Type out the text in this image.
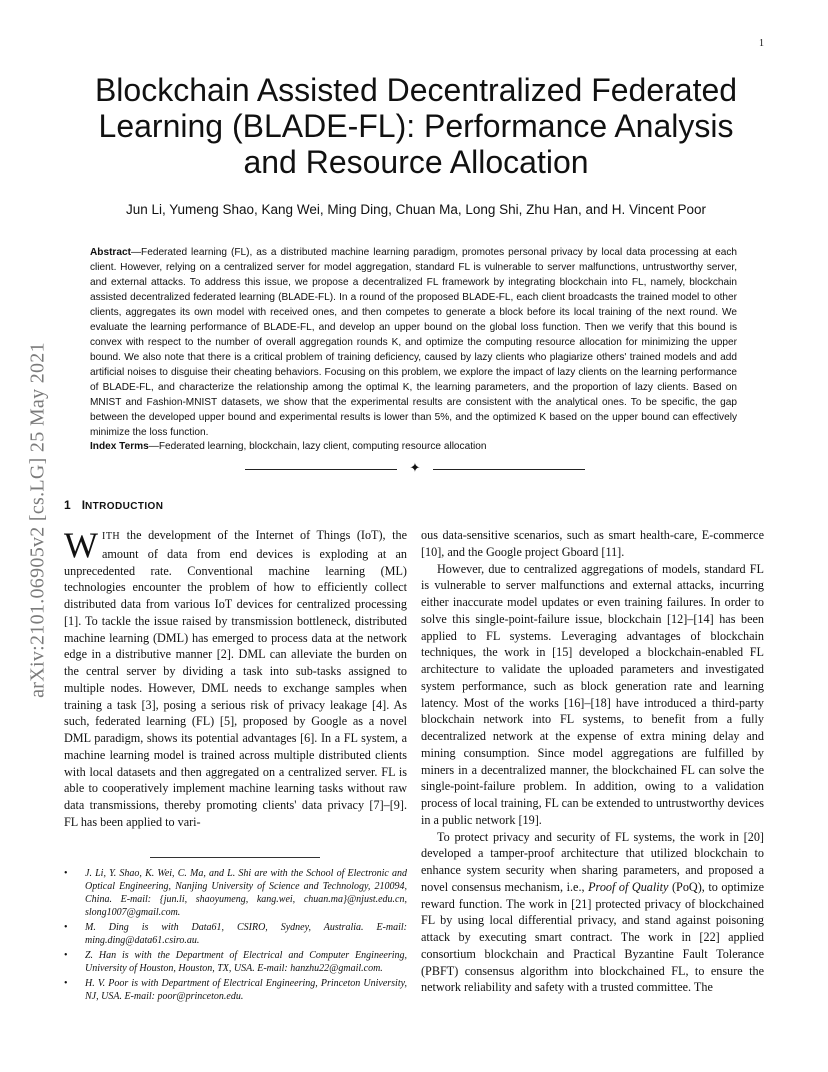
1
arXiv:2101.06905v2 [cs.LG] 25 May 2021
Blockchain Assisted Decentralized Federated Learning (BLADE-FL): Performance Analysis and Resource Allocation
Jun Li, Yumeng Shao, Kang Wei, Ming Ding, Chuan Ma, Long Shi, Zhu Han, and H. Vincent Poor

Abstract—Federated learning (FL), as a distributed machine learning paradigm, promotes personal privacy by local data processing at each client. However, relying on a centralized server for model aggregation, standard FL is vulnerable to server malfunctions, untrustworthy server, and external attacks. To address this issue, we propose a decentralized FL framework by integrating blockchain into FL, namely, blockchain assisted decentralized federated learning (BLADE-FL). In a round of the proposed BLADE-FL, each client broadcasts the trained model to other clients, aggregates its own model with received ones, and then competes to generate a block before its local training of the next round. We evaluate the learning performance of BLADE-FL, and develop an upper bound on the global loss function. Then we verify that this bound is convex with respect to the number of overall aggregation rounds K, and optimize the computing resource allocation for minimizing the upper bound. We also note that there is a critical problem of training deficiency, caused by lazy clients who plagiarize others' trained models and add artificial noises to disguise their cheating behaviors. Focusing on this problem, we explore the impact of lazy clients on the learning performance of BLADE-FL, and characterize the relationship among the optimal K, the learning parameters, and the proportion of lazy clients. Based on MNIST and Fashion-MNIST datasets, we show that the experimental results are consistent with the analytical ones. To be specific, the gap between the developed upper bound and experimental results is lower than 5%, and the optimized K based on the upper bound can effectively minimize the loss function.

Index Terms—Federated learning, blockchain, lazy client, computing resource allocation

✦
1 INTRODUCTION

WITH the development of the Internet of Things (IoT), the amount of data from end devices is exploding at an unprecedented rate. Conventional machine learning (ML) technologies encounter the problem of how to efficiently collect distributed data from various IoT devices for centralized processing [1]. To tackle the issue raised by transmission bottleneck, distributed machine learning (DML) has emerged to process data at the network edge in a distributive manner [2]. DML can alleviate the burden on the central server by dividing a task into sub-tasks assigned to multiple nodes. However, DML needs to exchange samples when training a task [3], posing a serious risk of privacy leakage [4]. As such, federated learning (FL) [5], proposed by Google as a novel DML paradigm, shows its potential advantages [6]. In a FL system, a machine learning model is trained across multiple distributed clients with local datasets and then aggregated on a centralized server. FL is able to cooperatively implement machine learning tasks without raw data transmissions, thereby promoting clients' data privacy [7]–[9]. FL has been applied to vari-

ous data-sensitive scenarios, such as smart health-care, E-commerce [10], and the Google project Gboard [11].

However, due to centralized aggregations of models, standard FL is vulnerable to server malfunctions and external attacks, incurring either inaccurate model updates or even training failures. In order to solve this single-point-failure issue, blockchain [12]–[14] has been applied to FL systems. Leveraging advantages of blockchain techniques, the work in [15] developed a blockchain-enabled FL architecture to validate the uploaded parameters and investigated system performance, such as block generation rate and learning latency. Most of the works [16]–[18] have introduced a third-party blockchain network into FL systems, to benefit from a fully decentralized network at the expense of extra mining delay and mining consumption. Since model aggregations are fulfilled by miners in a decentralized manner, the blockchained FL can solve the single-point-failure problem. In addition, owing to a validation process of local training, FL can be extended to untrustworthy devices in a public network [19].

To protect privacy and security of FL systems, the work in [20] developed a tamper-proof architecture that utilized blockchain to enhance system security when sharing parameters, and proposed a novel consensus mechanism, i.e., Proof of Quality (PoQ), to optimize reward function. The work in [21] protected privacy of blockchained FL by using local differential privacy, and stand against poisoning attack by executing smart contract. The work in [22] applied consortium blockchain and Practical Byzantine Fault Tolerance (PBFT) consensus algorithm into blockchained FL, to ensure the network reliability and safety with a trusted committee. The

• J. Li, Y. Shao, K. Wei, C. Ma, and L. Shi are with the School of Electronic and Optical Engineering, Nanjing University of Science and Technology, 210094, China. E-mail: {jun.li, shaoyumeng, kang.wei, chuan.ma}@njust.edu.cn, slong1007@gmail.com.

• M. Ding is with Data61, CSIRO, Sydney, Australia. E-mail: ming.ding@data61.csiro.au.

• Z. Han is with the Department of Electrical and Computer Engineering, University of Houston, Houston, TX, USA. E-mail: hanzhu22@gmail.com.

• H. V. Poor is with Department of Electrical Engineering, Princeton University, NJ, USA. E-mail: poor@princeton.edu.
